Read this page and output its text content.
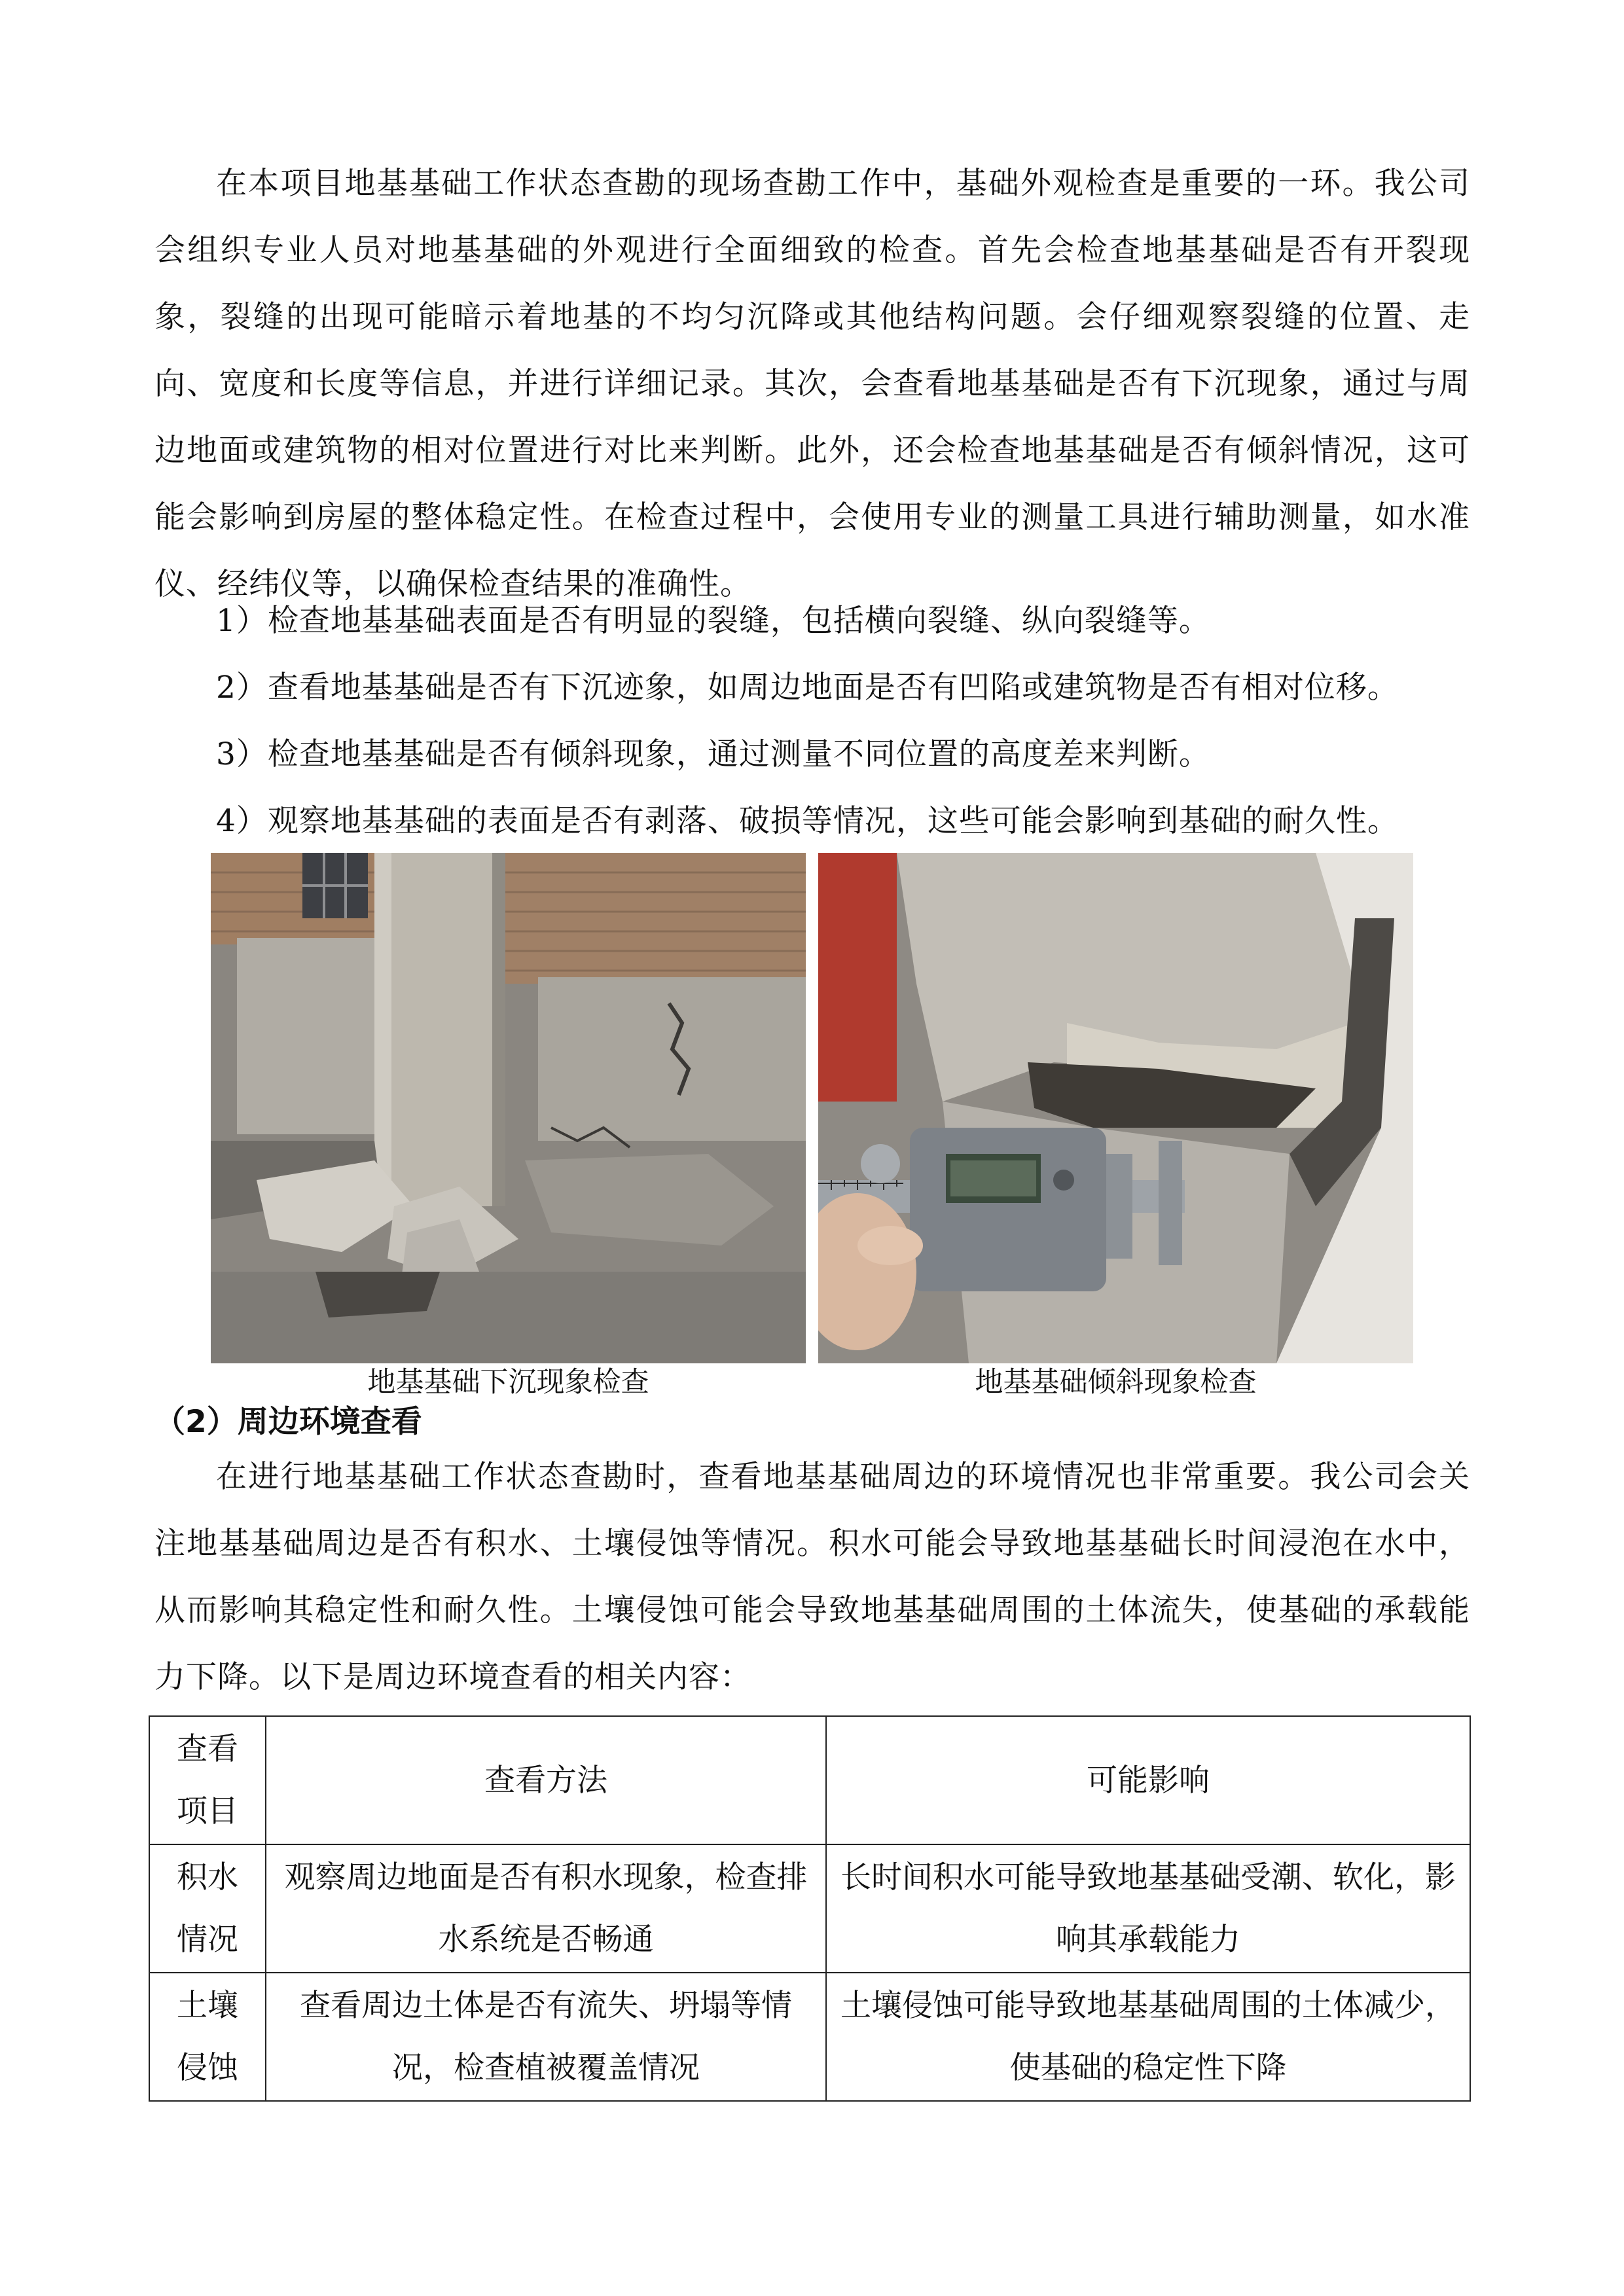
在本项目地基基础工作状态查勘的现场查勘工作中，基础外观检查是重要的一环。我公司会组织专业人员对地基基础的外观进行全面细致的检查。首先会检查地基基础是否有开裂现象，裂缝的出现可能暗示着地基的不均匀沉降或其他结构问题。会仔细观察裂缝的位置、走向、宽度和长度等信息，并进行详细记录。其次，会查看地基基础是否有下沉现象，通过与周边地面或建筑物的相对位置进行对比来判断。此外，还会检查地基基础是否有倾斜情况，这可能会影响到房屋的整体稳定性。在检查过程中，会使用专业的测量工具进行辅助测量，如水准仪、经纬仪等，以确保检查结果的准确性。

1）检查地基基础表面是否有明显的裂缝，包括横向裂缝、纵向裂缝等。

2）查看地基基础是否有下沉迹象，如周边地面是否有凹陷或建筑物是否有相对位移。

3）检查地基基础是否有倾斜现象，通过测量不同位置的高度差来判断。

4）观察地基基础的表面是否有剥落、破损等情况，这些可能会影响到基础的耐久性。

地基基础下沉现象检查	地基基础倾斜现象检查

（2）周边环境查看

在进行地基基础工作状态查勘时，查看地基基础周边的环境情况也非常重要。我公司会关注地基基础周边是否有积水、土壤侵蚀等情况。积水可能会导致地基基础长时间浸泡在水中，从而影响其稳定性和耐久性。土壤侵蚀可能会导致地基基础周围的土体流失，使基础的承载能力下降。以下是周边环境查看的相关内容：

查看项目	查看方法	可能影响
积水情况	观察周边地面是否有积水现象，检查排水系统是否畅通	长时间积水可能导致地基基础受潮、软化，影响其承载能力
土壤侵蚀	查看周边土体是否有流失、坍塌等情况，检查植被覆盖情况	土壤侵蚀可能导致地基基础周围的土体减少，使基础的稳定性下降
